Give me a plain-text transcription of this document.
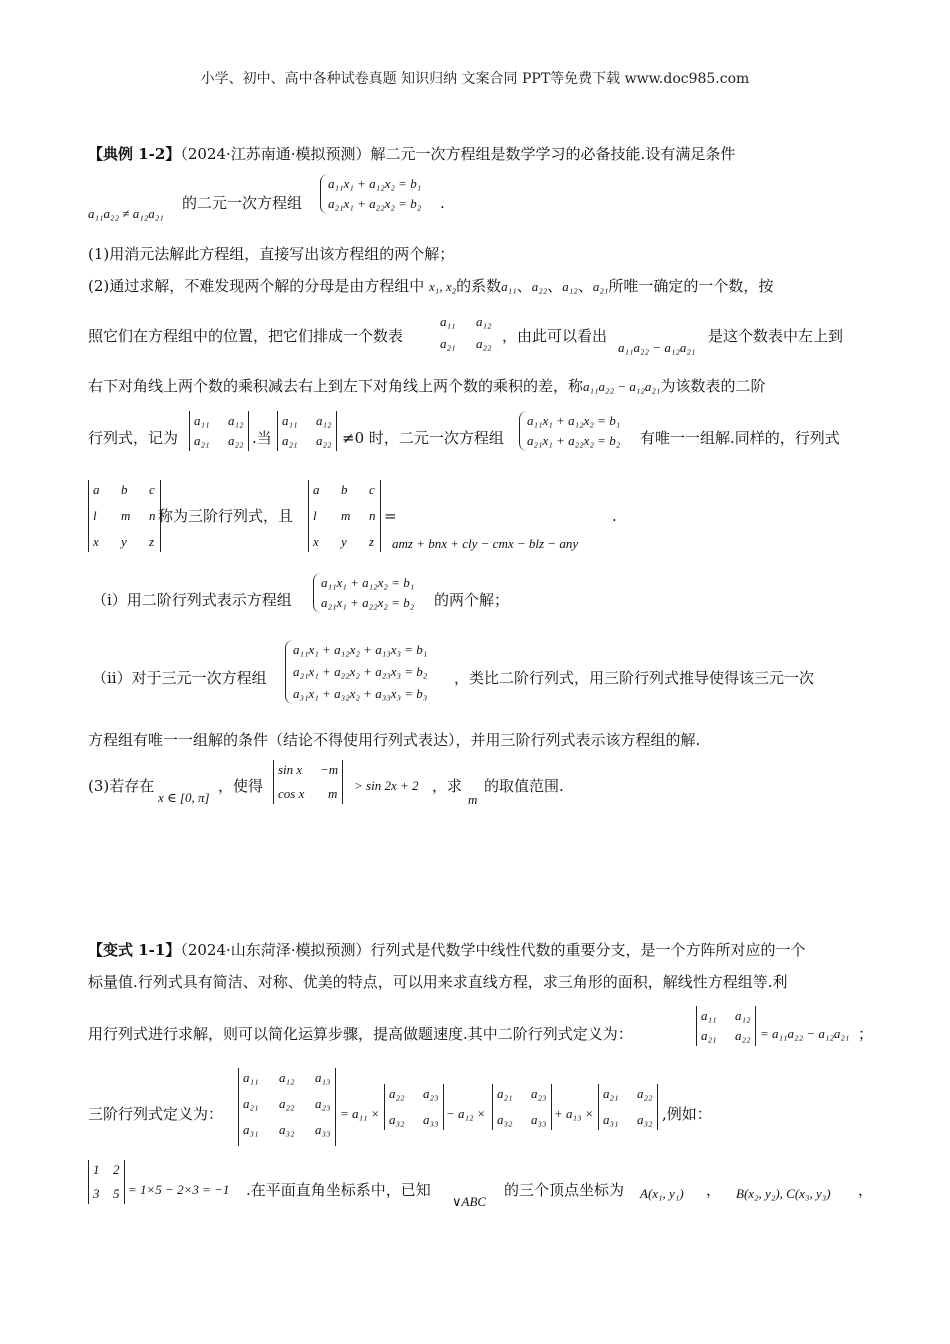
小学、初中、高中各种试卷真题 知识归纳 文案合同 PPT等免费下载 www.doc985.com
【典例 1-2】（2024·江苏南通·模拟预测）解二元一次方程组是数学学习的必备技能.设有满足条件
a₁₁a₂₂ ≠ a₁₂a₂₁
的二元一次方程组
a₁₁x₁ + a₁₂x₂ = b₁
a₂₁x₁ + a₂₂x₂ = b₂ .
(1)用消元法解此方程组，直接写出该方程组的两个解；
(2)通过求解，不难发现两个解的分母是由方程组中 x₁, x₂的系数a₁₁、a₂₂、a₁₂、a₂₁所唯一确定的一个数，按
照它们在方程组中的位置，把它们排成一个数表
a₁₁	a₁₂
a₂₁	a₂₂ ，由此可以看出
a₁₁a₂₂ − a₁₂a₂₁
是这个数表中左上到
右下对角线上两个数的乘积减去右上到左下对角线上两个数的乘积的差，称a₁₁a₂₂ − a₁₂a₂₁为该数表的二阶
行列式，记为
a₁₁	a₁₂
a₂₁	a₂₂ .当
a₁₁	a₁₂
a₂₁	a₂₂ ≠0 时，二元一次方程组
a₁₁x₁ + a₁₂x₂ = b₁
a₂₁x₁ + a₂₂x₂ = b₂ 有唯一一组解.同样的，行列式
a	b	c
l	m	n
x	y	z
称为三阶行列式，且
a	b	c
l	m	n
x	y	z
=
amz + bnx + cly − cmx − blz − any
.
（i）用二阶行列式表示方程组
a₁₁x₁ + a₁₂x₂ = b₁
a₂₁x₁ + a₂₂x₂ = b₂ 的两个解；
（ii）对于三元一次方程组
a₁₁x₁ + a₁₂x₂ + a₁₃x₃ = b₁
a₂₁x₁ + a₂₂x₂ + a₂₃x₃ = b₂
a₃₁x₁ + a₃₂x₂ + a₃₃x₃ = b₃
，类比二阶行列式，用三阶行列式推导使得该三元一次
方程组有唯一一组解的条件（结论不得使用行列式表达），并用三阶行列式表示该方程组的解.
(3)若存在
x ∈ [0, π]
，使得
sin x	−m
cos x	m
> sin 2x + 2 ，求
m
的取值范围.
【变式 1-1】（2024·山东菏泽·模拟预测）行列式是代数学中线性代数的重要分支，是一个方阵所对应的一个
标量值.行列式具有简洁、对称、优美的特点，可以用来求直线方程，求三角形的面积，解线性方程组等.利
用行列式进行求解，则可以简化运算步骤，提高做题速度.其中二阶行列式定义为：
a₁₁	a₁₂
a₂₁	a₂₂ = a₁₁a₂₂ − a₁₂a₂₁ ；
三阶行列式定义为：
a₁₁	a₁₂	a₁₃
a₂₁	a₂₂	a₂₃
a₃₁	a₃₂	a₃₃
= a₁₁ ×
a₂₂	a₂₃
a₃₂	a₃₃ − a₁₂ ×
a₂₁	a₂₃
a₃₂	a₃₃ + a₁₃ ×
a₂₁	a₂₂
a₃₁	a₃₂ ,例如：
1	2
3	5 = 1×5 − 2×3 = −1 .在平面直角坐标系中，已知
∨ABC
的三个顶点坐标为 A(x₁, y₁) ， B(x₂, y₂), C(x₃, y₃) ，
